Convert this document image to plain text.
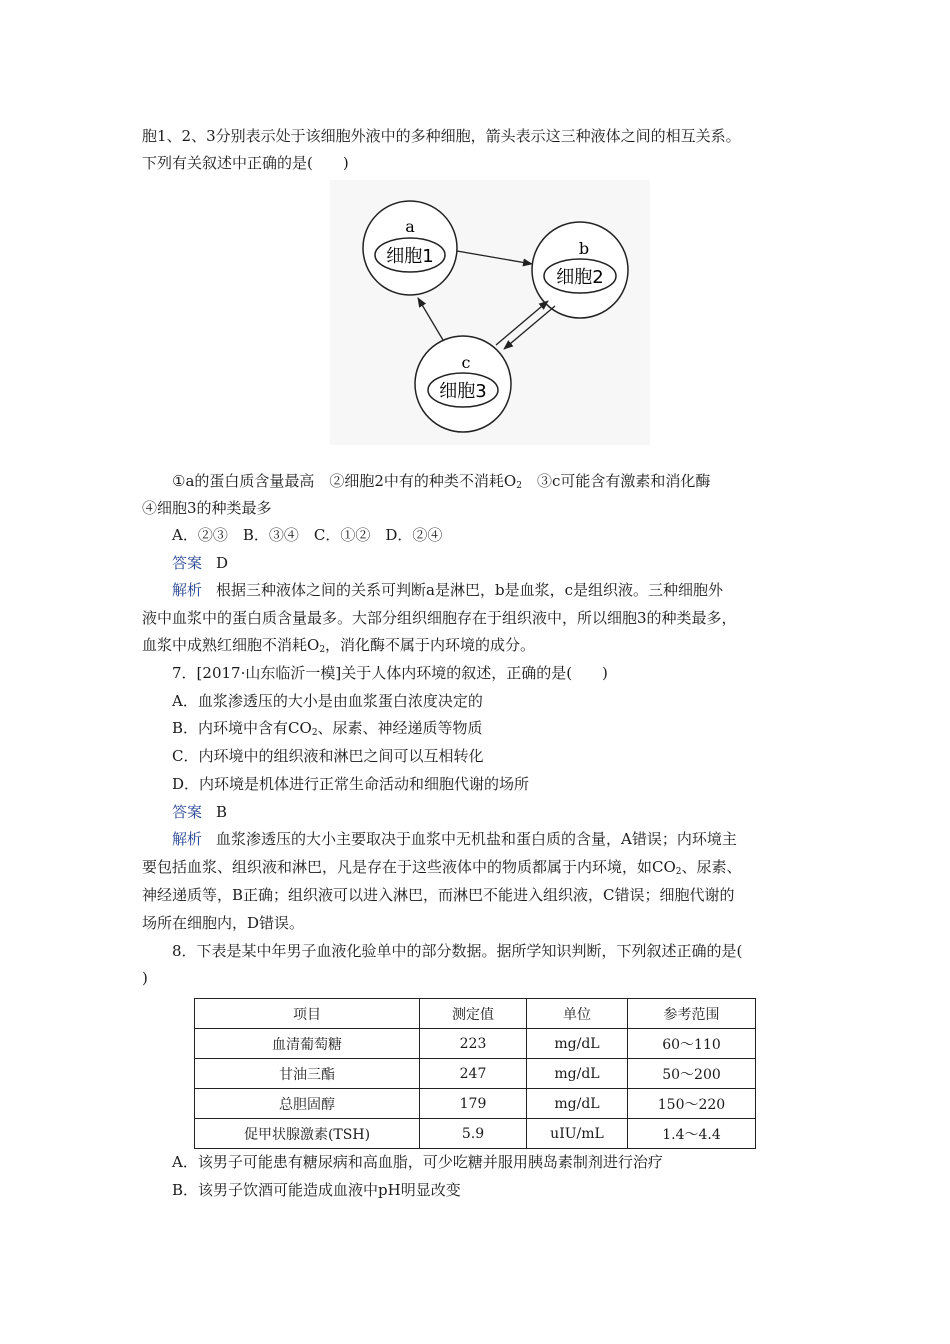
胞1、2、3分别表示处于该细胞外液中的多种细胞，箭头表示这三种液体之间的相互关系。
下列有关叙述中正确的是(　　)
a
细胞1	b
细胞2
c
细胞3
①a的蛋白质含量最高　②细胞2中有的种类不消耗$O_2$　③c可能含有激素和消化酶
④细胞3的种类最多
A．②③　B．③④　C．①②　D．②④
答案 D
解析 根据三种液体之间的关系可判断a是淋巴，b是血浆，c是组织液。三种细胞外
液中血浆中的蛋白质含量最多。大部分组织细胞存在于组织液中，所以细胞3的种类最多，
血浆中成熟红细胞不消耗$O_2$，消化酶不属于内环境的成分。
7．[2017·山东临沂一模]关于人体内环境的叙述，正确的是(　　)
A．血浆渗透压的大小是由血浆蛋白浓度决定的
B．内环境中含有$CO_2$、尿素、神经递质等物质
C．内环境中的组织液和淋巴之间可以互相转化
D．内环境是机体进行正常生命活动和细胞代谢的场所
答案 B
解析 血浆渗透压的大小主要取决于血浆中无机盐和蛋白质的含量，A错误；内环境主
要包括血浆、组织液和淋巴，凡是存在于这些液体中的物质都属于内环境，如$CO_2$、尿素、
神经递质等，B正确；组织液可以进入淋巴，而淋巴不能进入组织液，C错误；细胞代谢的
场所在细胞内，D错误。
8．下表是某中年男子血液化验单中的部分数据。据所学知识判断，下列叙述正确的是(
)
项目	测定值	单位	参考范围
血清葡萄糖	223	mg/dL	60～110
甘油三酯	247	mg/dL	50～200
总胆固醇	179	mg/dL	150～220
促甲状腺激素(TSH)	5.9	uIU/mL	1.4～4.4
A．该男子可能患有糖尿病和高血脂，可少吃糖并服用胰岛素制剂进行治疗
B．该男子饮酒可能造成血液中pH明显改变
